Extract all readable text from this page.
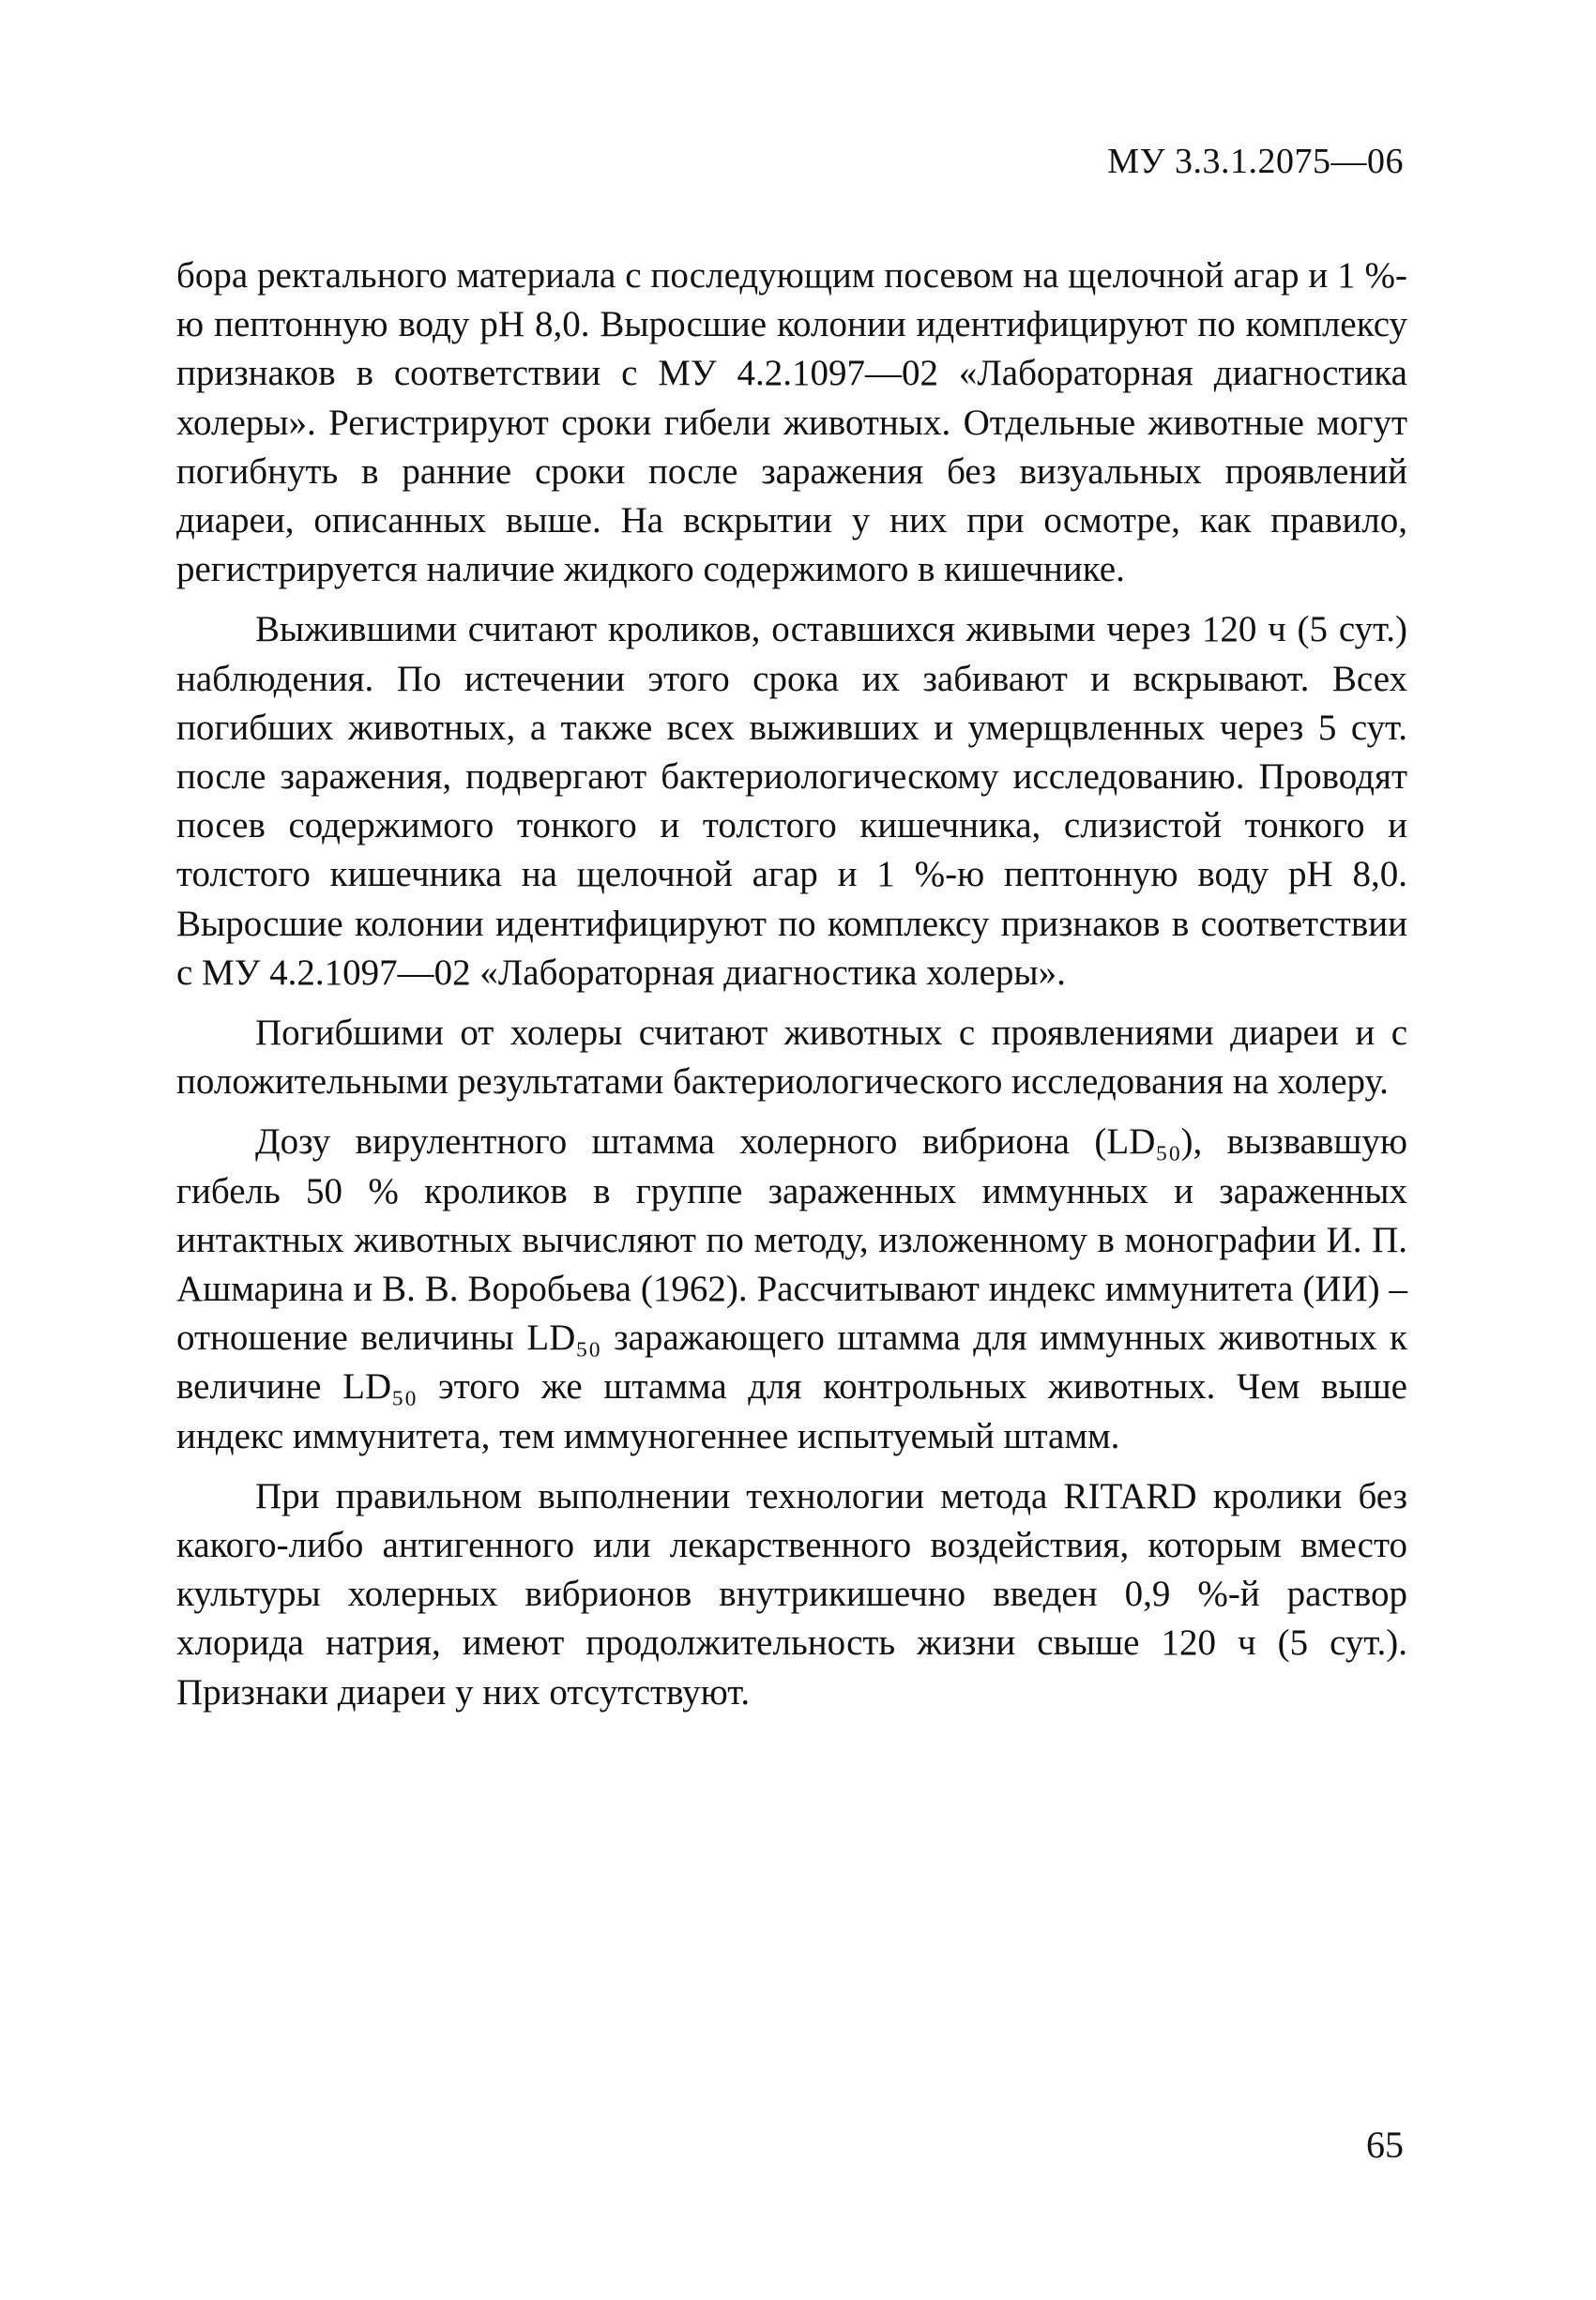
МУ 3.3.1.2075—06

бора ректального материала с последующим посевом на щелочной агар и 1 %-ю пептонную воду pH 8,0. Выросшие колонии идентифицируют по комплексу признаков в соответствии с МУ 4.2.1097—02 «Лабораторная диагностика холеры». Регистрируют сроки гибели животных. Отдельные животные могут погибнуть в ранние сроки после заражения без визуальных проявлений диареи, описанных выше. На вскрытии у них при осмотре, как правило, регистрируется наличие жидкого содержимого в кишечнике.

Выжившими считают кроликов, оставшихся живыми через 120 ч (5 сут.) наблюдения. По истечении этого срока их забивают и вскрывают. Всех погибших животных, а также всех выживших и умерщвленных через 5 сут. после заражения, подвергают бактериологическому исследованию. Проводят посев содержимого тонкого и толстого кишечника, слизистой тонкого и толстого кишечника на щелочной агар и 1 %-ю пептонную воду pH 8,0. Выросшие колонии идентифицируют по комплексу признаков в соответствии с МУ 4.2.1097—02 «Лабораторная диагностика холеры».

Погибшими от холеры считают животных с проявлениями диареи и с положительными результатами бактериологического исследования на холеру.

Дозу вирулентного штамма холерного вибриона (LD₅₀), вызвавшую гибель 50 % кроликов в группе зараженных иммунных и зараженных интактных животных вычисляют по методу, изложенному в монографии И. П. Ашмарина и В. В. Воробьева (1962). Рассчитывают индекс иммунитета (ИИ) – отношение величины LD₅₀ заражающего штамма для иммунных животных к величине LD₅₀ этого же штамма для контрольных животных. Чем выше индекс иммунитета, тем иммуногеннее испытуемый штамм.

При правильном выполнении технологии метода RITARD кролики без какого-либо антигенного или лекарственного воздействия, которым вместо культуры холерных вибрионов внутрикишечно введен 0,9 %-й раствор хлорида натрия, имеют продолжительность жизни свыше 120 ч (5 сут.). Признаки диареи у них отсутствуют.

65
